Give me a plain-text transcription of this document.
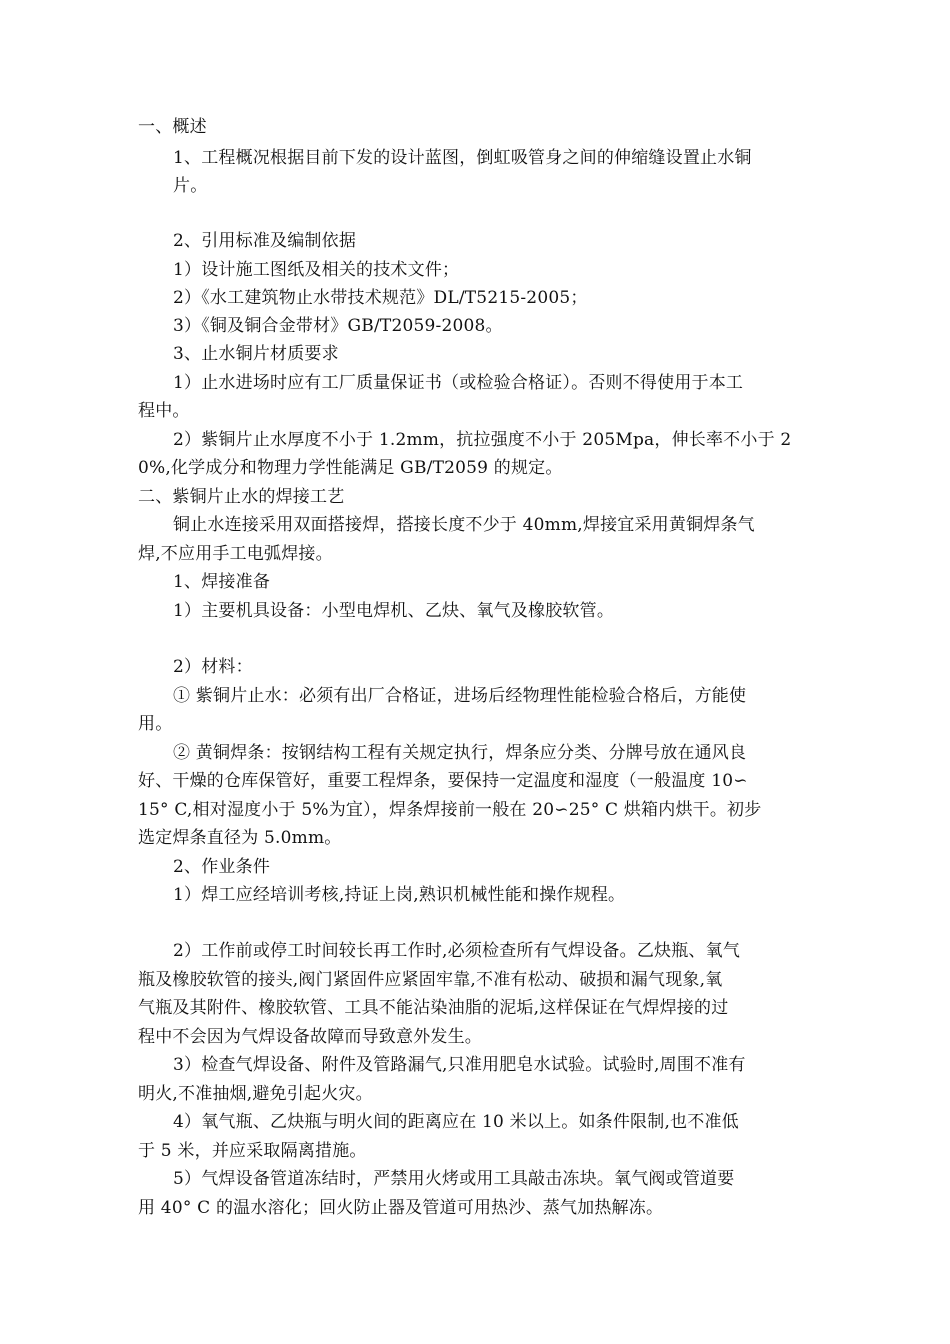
一、概述
1、工程概况根据目前下发的设计蓝图，倒虹吸管身之间的伸缩缝设置止水铜
片。
2、引用标准及编制依据
1）设计施工图纸及相关的技术文件；
2）《水工建筑物止水带技术规范》DL/T5215-2005；
3）《铜及铜合金带材》GB/T2059-2008。
3、止水铜片材质要求
1）止水进场时应有工厂质量保证书（或检验合格证）。否则不得使用于本工
程中。
2）紫铜片止水厚度不小于 1.2mm，抗拉强度不小于 205Mpa，伸长率不小于 2
0%,化学成分和物理力学性能满足 GB/T2059 的规定。
二、紫铜片止水的焊接工艺
铜止水连接采用双面搭接焊，搭接长度不少于 40mm,焊接宜采用黄铜焊条气
焊,不应用手工电弧焊接。
1、焊接准备
1）主要机具设备：小型电焊机、乙炔、氧气及橡胶软管。
2）材料：
① 紫铜片止水：必须有出厂合格证，进场后经物理性能检验合格后，方能使
用。
② 黄铜焊条：按钢结构工程有关规定执行，焊条应分类、分牌号放在通风良
好、干燥的仓库保管好，重要工程焊条，要保持一定温度和湿度（一般温度 10∽
15° C,相对湿度小于 5%为宜），焊条焊接前一般在 20∽25° C 烘箱内烘干。初步
选定焊条直径为 5.0mm。
2、作业条件
1）焊工应经培训考核,持证上岗,熟识机械性能和操作规程。
2）工作前或停工时间较长再工作时,必须检查所有气焊设备。乙炔瓶、氧气
瓶及橡胶软管的接头,阀门紧固件应紧固牢靠,不准有松动、破损和漏气现象,氧
气瓶及其附件、橡胶软管、工具不能沾染油脂的泥垢,这样保证在气焊焊接的过
程中不会因为气焊设备故障而导致意外发生。
3）检查气焊设备、附件及管路漏气,只准用肥皂水试验。试验时,周围不准有
明火,不准抽烟,避免引起火灾。
4）氧气瓶、乙炔瓶与明火间的距离应在 10 米以上。如条件限制,也不准低
于 5 米，并应采取隔离措施。
5）气焊设备管道冻结时，严禁用火烤或用工具敲击冻块。氧气阀或管道要
用 40° C 的温水溶化；回火防止器及管道可用热沙、蒸气加热解冻。
